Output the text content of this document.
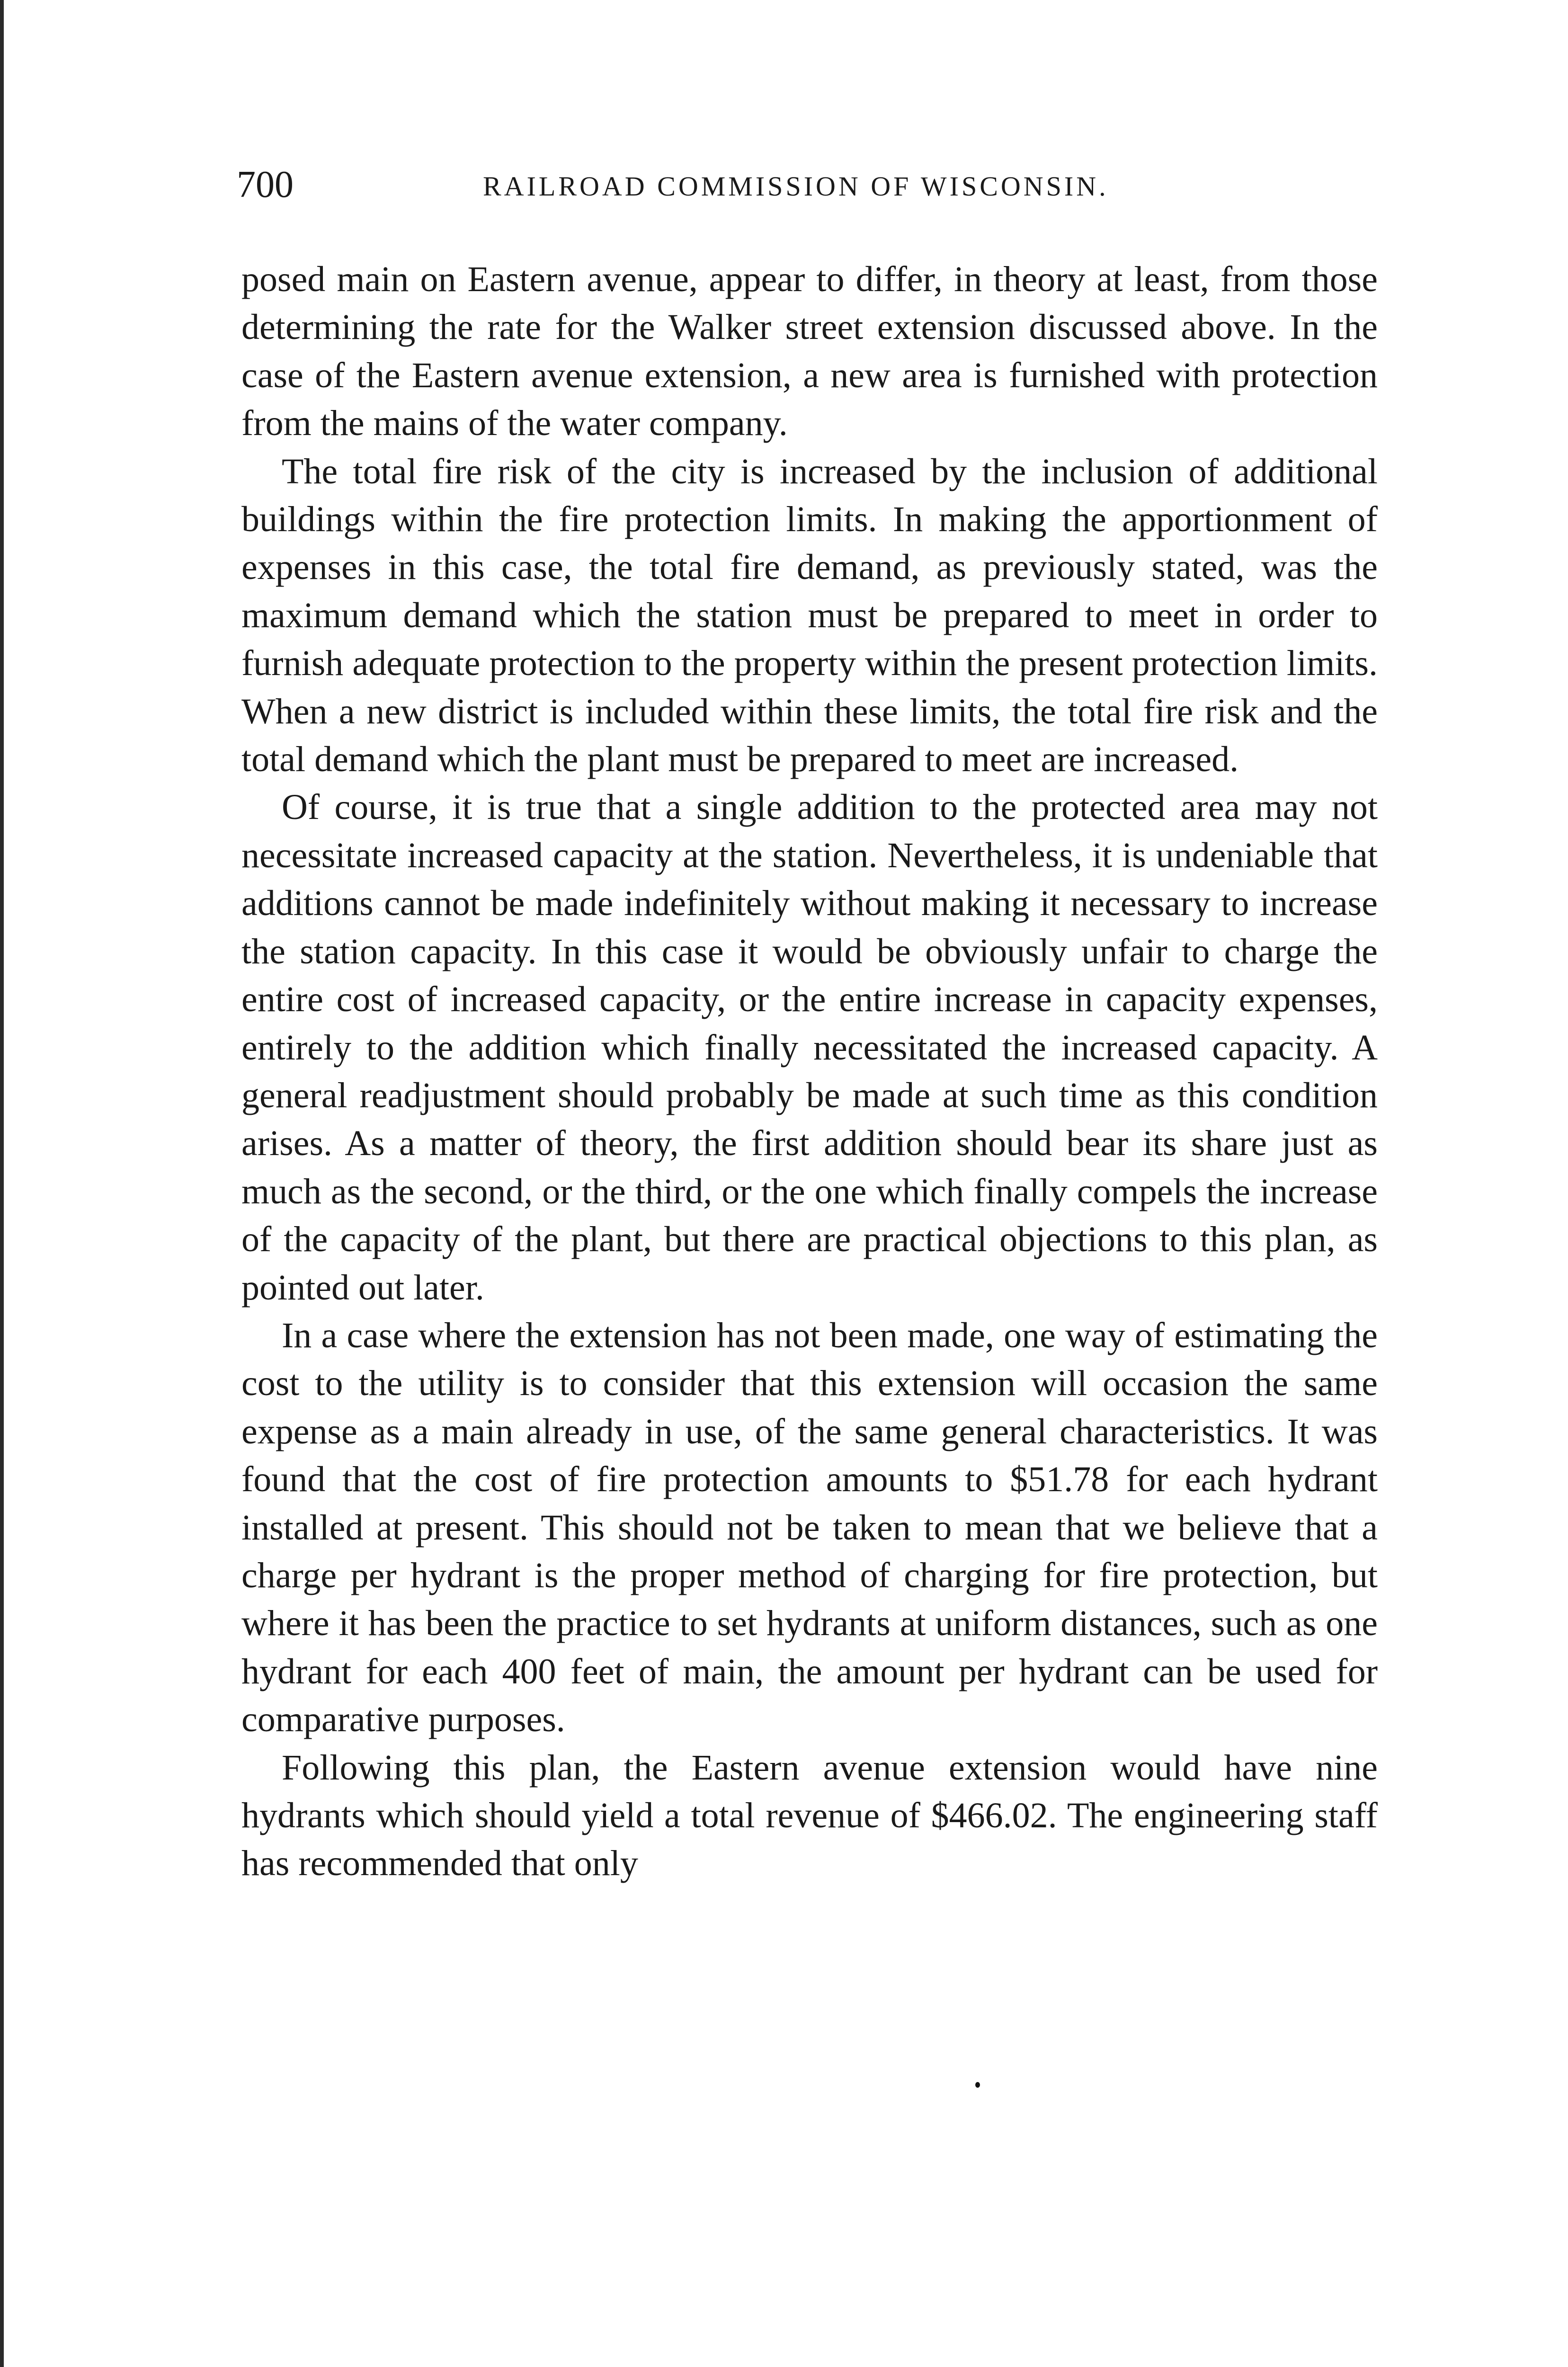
700	RAILROAD COMMISSION OF WISCONSIN.

posed main on Eastern avenue, appear to differ, in theory at least, from those determining the rate for the Walker street extension discussed above. In the case of the Eastern avenue extension, a new area is furnished with protection from the mains of the water company.

The total fire risk of the city is increased by the inclusion of additional buildings within the fire protection limits. In making the apportionment of expenses in this case, the total fire demand, as previously stated, was the maximum demand which the station must be prepared to meet in order to furnish adequate protection to the property within the present protection limits. When a new district is included within these limits, the total fire risk and the total demand which the plant must be prepared to meet are increased.

Of course, it is true that a single addition to the protected area may not necessitate increased capacity at the station. Nevertheless, it is undeniable that additions cannot be made indefinitely without making it necessary to increase the station capacity. In this case it would be obviously unfair to charge the entire cost of increased capacity, or the entire increase in capacity expenses, entirely to the addition which finally necessitated the increased capacity. A general readjustment should probably be made at such time as this condition arises. As a matter of theory, the first addition should bear its share just as much as the second, or the third, or the one which finally compels the increase of the capacity of the plant, but there are practical objections to this plan, as pointed out later.

In a case where the extension has not been made, one way of estimating the cost to the utility is to consider that this extension will occasion the same expense as a main already in use, of the same general characteristics. It was found that the cost of fire protection amounts to $51.78 for each hydrant installed at present. This should not be taken to mean that we believe that a charge per hydrant is the proper method of charging for fire protection, but where it has been the practice to set hydrants at uniform distances, such as one hydrant for each 400 feet of main, the amount per hydrant can be used for comparative purposes.

Following this plan, the Eastern avenue extension would have nine hydrants which should yield a total revenue of $466.02. The engineering staff has recommended that only
